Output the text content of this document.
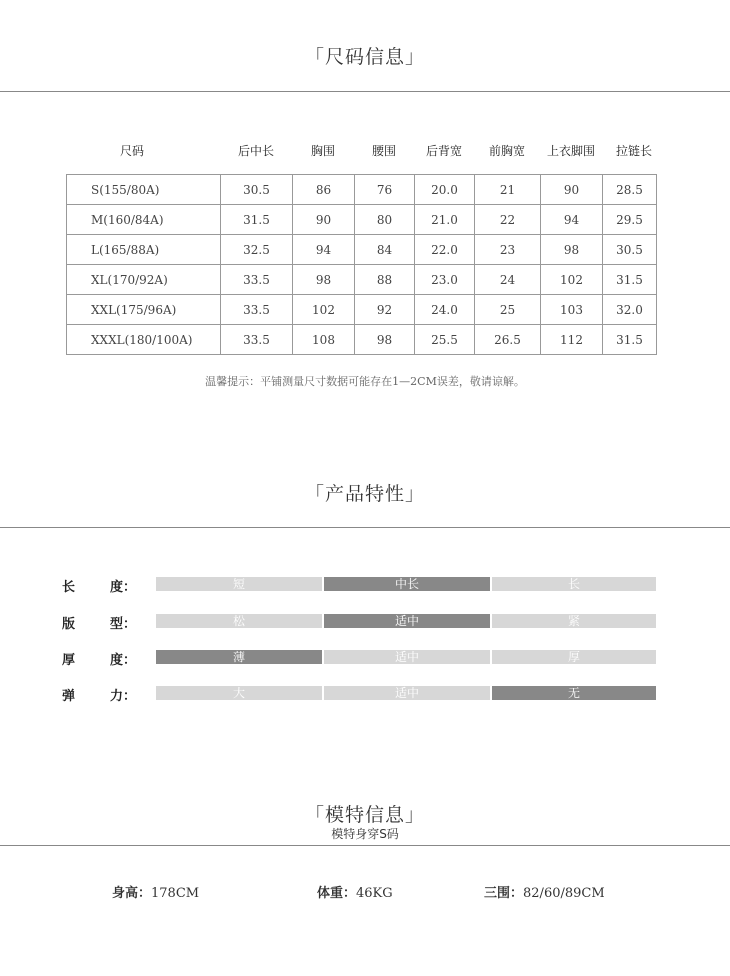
「尺码信息」
尺码	后中长	胸围	腰围	后背宽	前胸宽	上衣脚围	拉链长
S(155/80A)	30.5	86	76	20.0	21	90	28.5
M(160/84A)	31.5	90	80	21.0	22	94	29.5
L(165/88A)	32.5	94	84	22.0	23	98	30.5
XL(170/92A)	33.5	98	88	23.0	24	102	31.5
XXL(175/96A)	33.5	102	92	24.0	25	103	32.0
XXXL(180/100A)	33.5	108	98	25.5	26.5	112	31.5
温馨提示：平铺测量尺寸数据可能存在1—2CM误差，敬请谅解。
「产品特性」
长	度：	短	中长	长
版	型：	松	适中	紧
厚	度：	薄	适中	厚
弹	力：	大	适中	无
「模特信息」
模特身穿S码
身高：178CM	体重：46KG	三围：82/60/89CM
